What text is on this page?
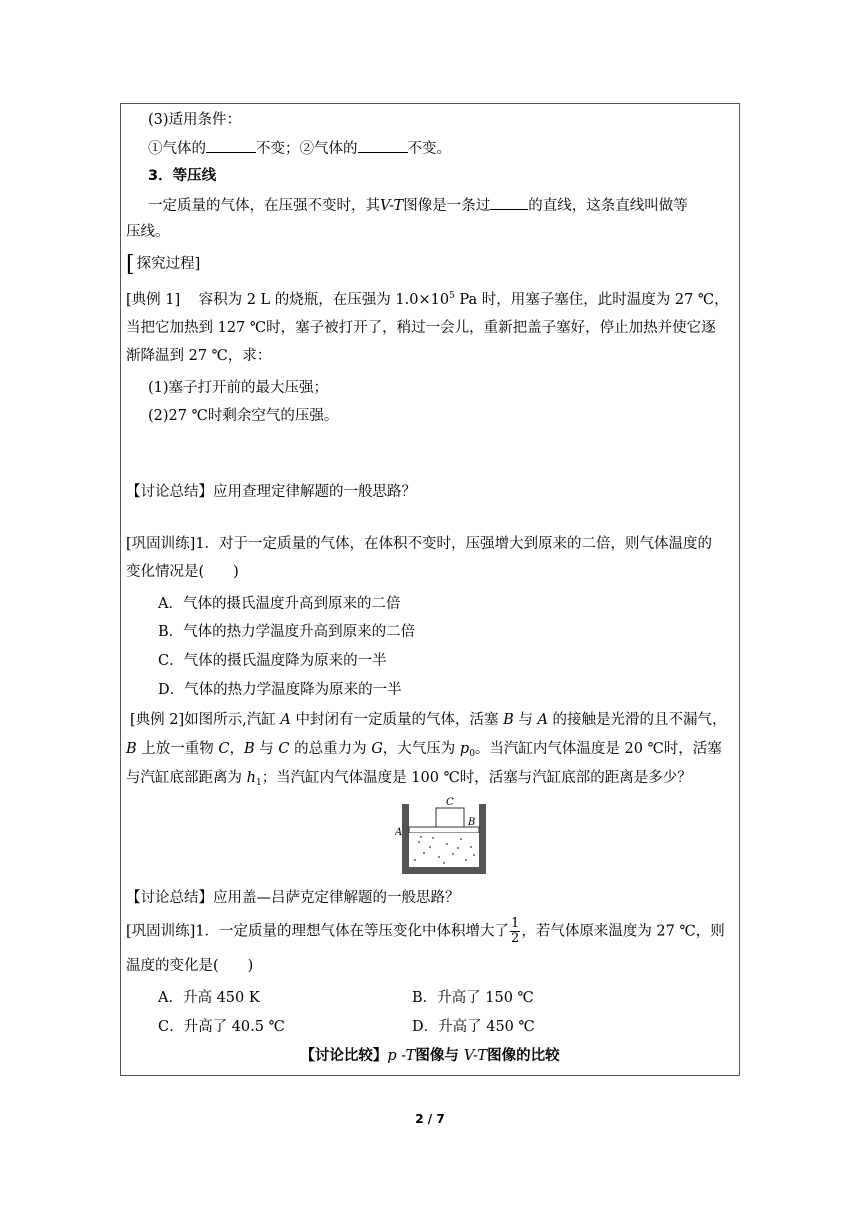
(3)适用条件：
①气体的	不变；②气体的	不变。
3．等压线
一定质量的气体，在压强不变时，其V-T图像是一条过	的直线，这条直线叫做等
压线。
[ 探究过程]
[典例 1] 容积为 2 L 的烧瓶，在压强为 $1.0\times 10^5$ Pa 时，用塞子塞住，此时温度为 27 ℃，
当把它加热到 127 ℃时，塞子被打开了，稍过一会儿，重新把盖子塞好，停止加热并使它逐
渐降温到 27 ℃，求：
(1)塞子打开前的最大压强；
(2)27 ℃时剩余空气的压强。
【讨论总结】应用查理定律解题的一般思路？
[巩固训练]1．对于一定质量的气体，在体积不变时，压强增大到原来的二倍，则气体温度的
变化情况是(　　)
A．气体的摄氏温度升高到原来的二倍
B．气体的热力学温度升高到原来的二倍
C．气体的摄氏温度降为原来的一半
D．气体的热力学温度降为原来的一半
[典例 2]如图所示,汽缸 A 中封闭有一定质量的气体，活塞 B 与 A 的接触是光滑的且不漏气，
B 上放一重物 C，B 与 C 的总重力为 G，大气压为 $p_0$。当汽缸内气体温度是 20 ℃时，活塞
与汽缸底部距离为 $h_1$；当汽缸内气体温度是 100 ℃时，活塞与汽缸底部的距离是多少？
A
B
C
【讨论总结】应用盖—吕萨克定律解题的一般思路？
[巩固训练]1．一定质量的理想气体在等压变化中体积增大了 $\frac{1}{2}$ ，若气体原来温度为 27 ℃，则
温度的变化是(　　)
A．升高 450 K	B．升高了 150 ℃
C．升高了 40.5 ℃	D．升高了 450 ℃
【讨论比较】p -T图像与 V-T图像的比较
2 / 7
